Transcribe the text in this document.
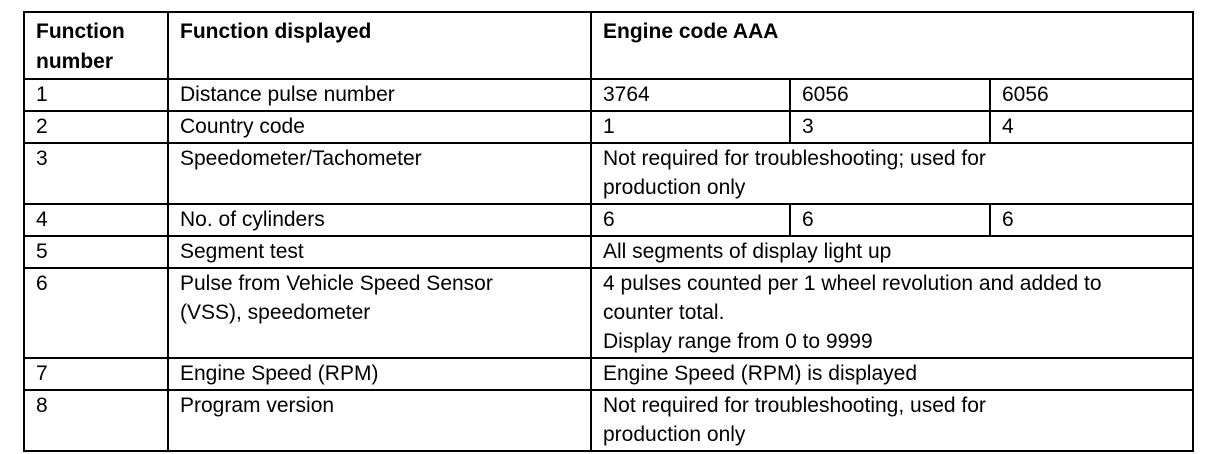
Function number	Function displayed	Engine code AAA		
1	Distance pulse number	3764	6056	6056
2	Country code	1	3	4
3	Speedometer/Tachometer	Not required for troubleshooting; used for production only		
4	No. of cylinders	6	6	6
5	Segment test	All segments of display light up		
6	Pulse from Vehicle Speed Sensor (VSS), speedometer	4 pulses counted per 1 wheel revolution and added to counter total.
Display range from 0 to 9999		

7	Engine Speed (RPM)	Engine Speed (RPM) is displayed		
8	Program version	Not required for troubleshooting, used for production only		
